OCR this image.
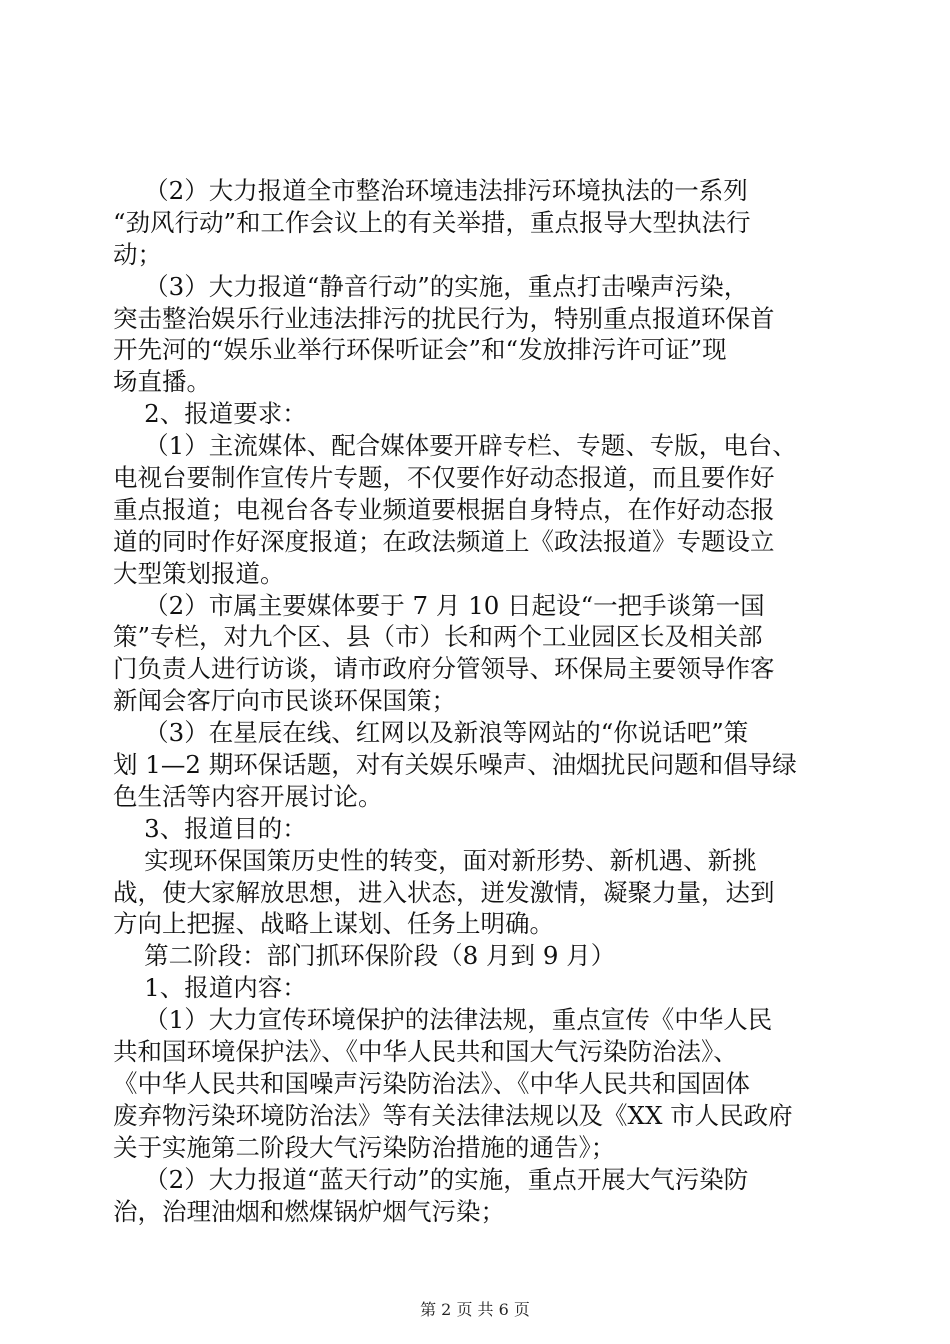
（2）大力报道全市整治环境违法排污环境执法的一系列
“劲风行动”和工作会议上的有关举措，重点报导大型执法行
动；
（3）大力报道“静音行动”的实施，重点打击噪声污染，
突击整治娱乐行业违法排污的扰民行为，特别重点报道环保首
开先河的“娱乐业举行环保听证会”和“发放排污许可证”现
场直播。
2、报道要求：
（1）主流媒体、配合媒体要开辟专栏、专题、专版，电台、
电视台要制作宣传片专题，不仅要作好动态报道，而且要作好
重点报道；电视台各专业频道要根据自身特点，在作好动态报
道的同时作好深度报道；在政法频道上《政法报道》专题设立
大型策划报道。
（2）市属主要媒体要于 7 月 10 日起设“一把手谈第一国
策”专栏，对九个区、县（市）长和两个工业园区长及相关部
门负责人进行访谈，请市政府分管领导、环保局主要领导作客
新闻会客厅向市民谈环保国策；
（3）在星辰在线、红网以及新浪等网站的“你说话吧”策
划 1—2 期环保话题，对有关娱乐噪声、油烟扰民问题和倡导绿
色生活等内容开展讨论。
3、报道目的：
实现环保国策历史性的转变，面对新形势、新机遇、新挑
战，使大家解放思想，进入状态，迸发激情，凝聚力量，达到
方向上把握、战略上谋划、任务上明确。
第二阶段：部门抓环保阶段（8 月到 9 月）
1、报道内容：
（1）大力宣传环境保护的法律法规，重点宣传《中华人民
共和国环境保护法》、《中华人民共和国大气污染防治法》、
《中华人民共和国噪声污染防治法》、《中华人民共和国固体
废弃物污染环境防治法》等有关法律法规以及《XX 市人民政府
关于实施第二阶段大气污染防治措施的通告》；
（2）大力报道“蓝天行动”的实施，重点开展大气污染防
治，治理油烟和燃煤锅炉烟气污染；
第 2 页 共 6 页
